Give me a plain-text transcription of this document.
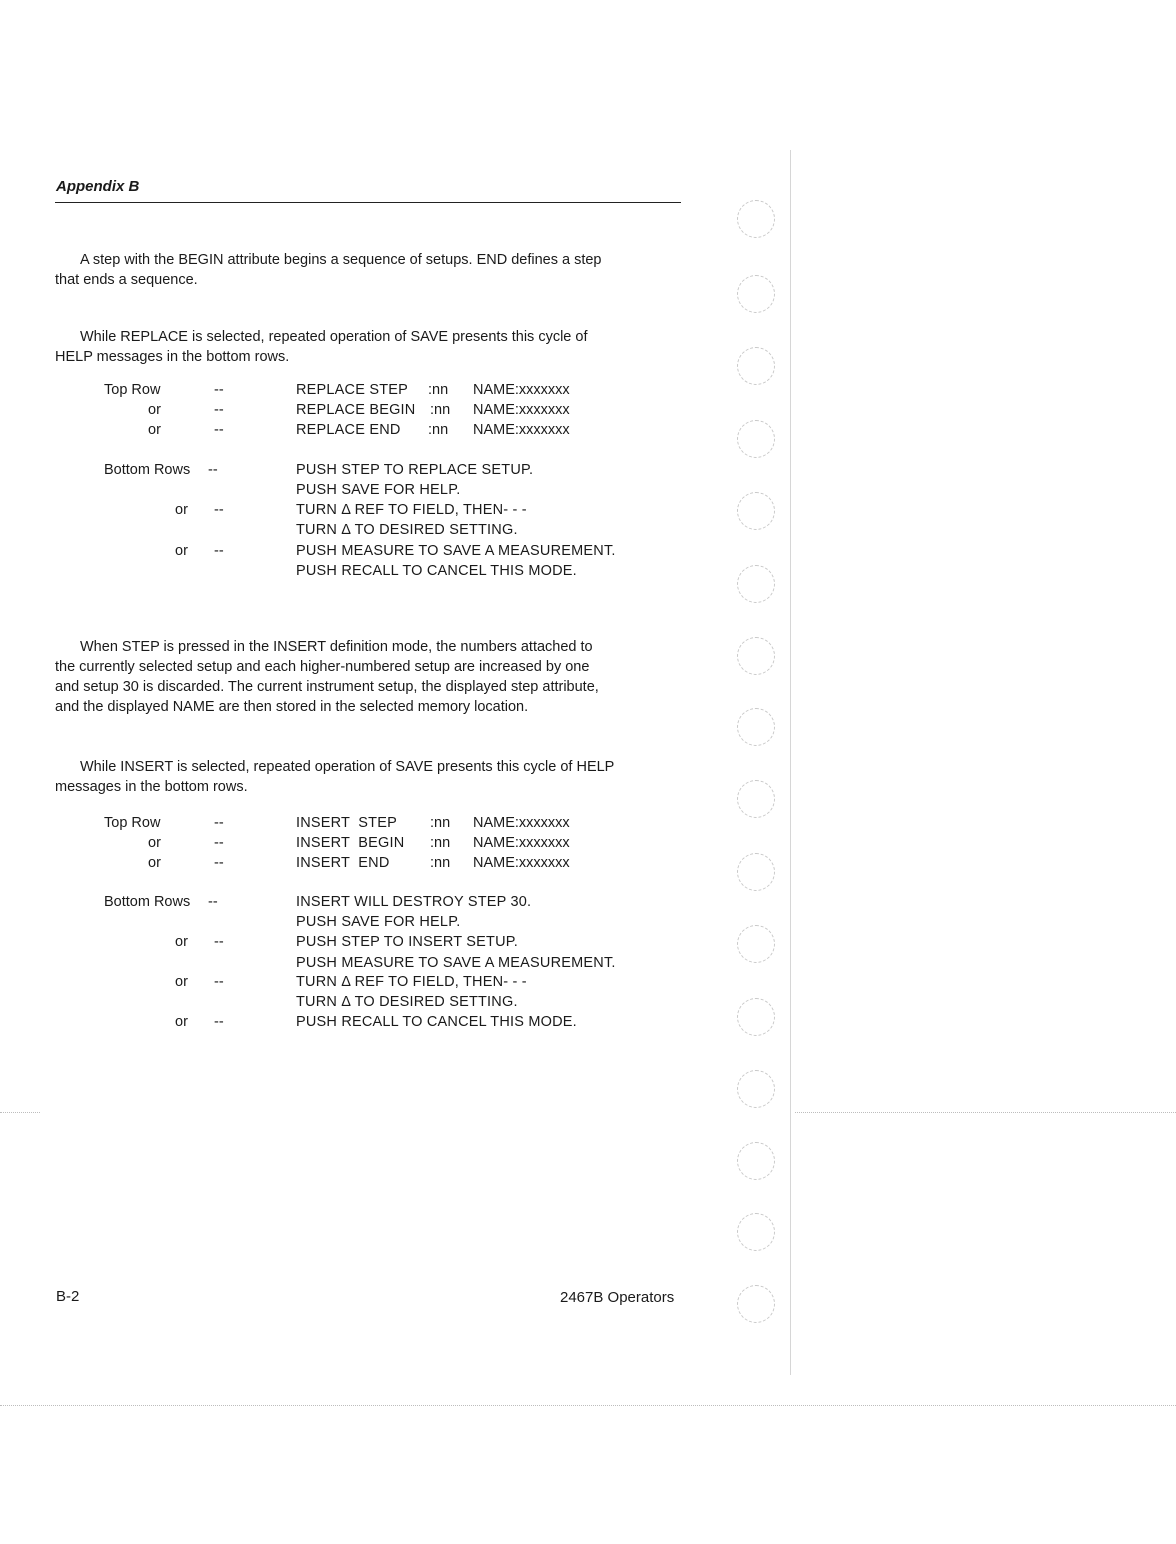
Appendix B
A step with the BEGIN attribute begins a sequence of setups. END defines a step
that ends a sequence.
While REPLACE is selected, repeated operation of SAVE presents this cycle of
HELP messages in the bottom rows.
Top Row	--	REPLACE STEP :nn NAME:xxxxxxx
or	--	REPLACE BEGIN :nn NAME:xxxxxxx
or	--	REPLACE END :nn NAME:xxxxxxx
Bottom Rows --	PUSH STEP TO REPLACE SETUP.
PUSH SAVE FOR HELP.
or --	TURN Δ REF TO FIELD, THEN- - -
TURN Δ TO DESIRED SETTING.
or --	PUSH MEASURE TO SAVE A MEASUREMENT.
PUSH RECALL TO CANCEL THIS MODE.
When STEP is pressed in the INSERT definition mode, the numbers attached to
the currently selected setup and each higher-numbered setup are increased by one
and setup 30 is discarded. The current instrument setup, the displayed step attribute,
and the displayed NAME are then stored in the selected memory location.
While INSERT is selected, repeated operation of SAVE presents this cycle of HELP
messages in the bottom rows.
Top Row	--	INSERT  STEP :nn NAME:xxxxxxx
or	--	INSERT  BEGIN :nn NAME:xxxxxxx
or	--	INSERT  END	:nn NAME:xxxxxxx
Bottom Rows --	INSERT WILL DESTROY STEP 30.
PUSH SAVE FOR HELP.
or --	PUSH STEP TO INSERT SETUP.
PUSH MEASURE TO SAVE A MEASUREMENT.
or --	TURN Δ REF TO FIELD, THEN- - -
TURN Δ TO DESIRED SETTING.
or --	PUSH RECALL TO CANCEL THIS MODE.
B-2	2467B Operators
